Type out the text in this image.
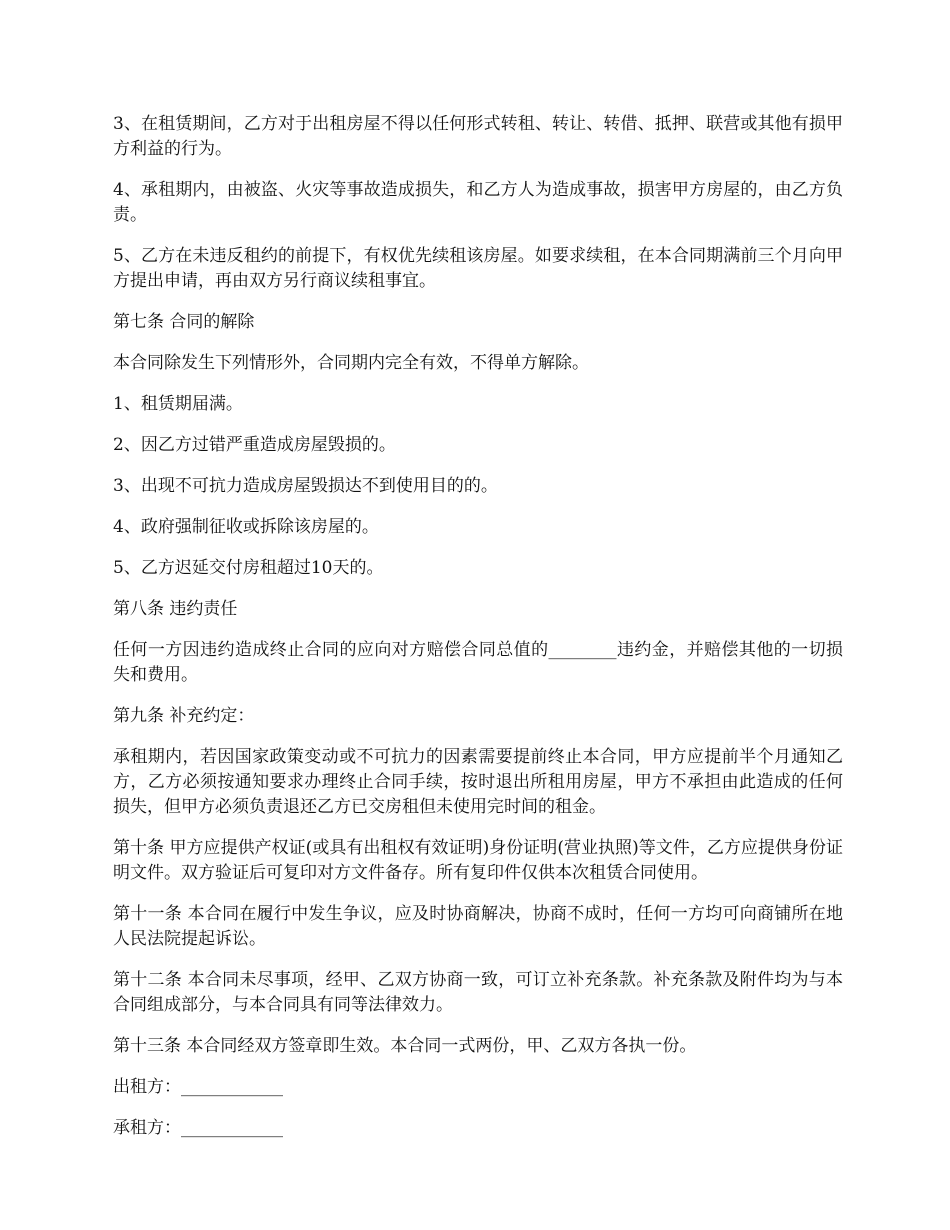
3、在租赁期间，乙方对于出租房屋不得以任何形式转租、转让、转借、抵押、联营或其他有损甲方利益的行为。

4、承租期内，由被盗、火灾等事故造成损失，和乙方人为造成事故，损害甲方房屋的，由乙方负责。

5、乙方在未违反租约的前提下，有权优先续租该房屋。如要求续租，在本合同期满前三个月向甲方提出申请，再由双方另行商议续租事宜。

第七条 合同的解除

本合同除发生下列情形外，合同期内完全有效，不得单方解除。

1、租赁期届满。

2、因乙方过错严重造成房屋毁损的。

3、出现不可抗力造成房屋毁损达不到使用目的的。

4、政府强制征收或拆除该房屋的。

5、乙方迟延交付房租超过10天的。

第八条 违约责任

任何一方因违约造成终止合同的应向对方赔偿合同总值的________违约金，并赔偿其他的一切损失和费用。

第九条 补充约定：

承租期内，若因国家政策变动或不可抗力的因素需要提前终止本合同，甲方应提前半个月通知乙方，乙方必须按通知要求办理终止合同手续，按时退出所租用房屋，甲方不承担由此造成的任何损失，但甲方必须负责退还乙方已交房租但未使用完时间的租金。

第十条 甲方应提供产权证(或具有出租权有效证明)身份证明(营业执照)等文件，乙方应提供身份证明文件。双方验证后可复印对方文件备存。所有复印件仅供本次租赁合同使用。

第十一条 本合同在履行中发生争议，应及时协商解决，协商不成时，任何一方均可向商铺所在地人民法院提起诉讼。

第十二条 本合同未尽事项，经甲、乙双方协商一致，可订立补充条款。补充条款及附件均为与本合同组成部分，与本合同具有同等法律效力。

第十三条 本合同经双方签章即生效。本合同一式两份，甲、乙双方各执一份。

出租方：____________

承租方：____________
